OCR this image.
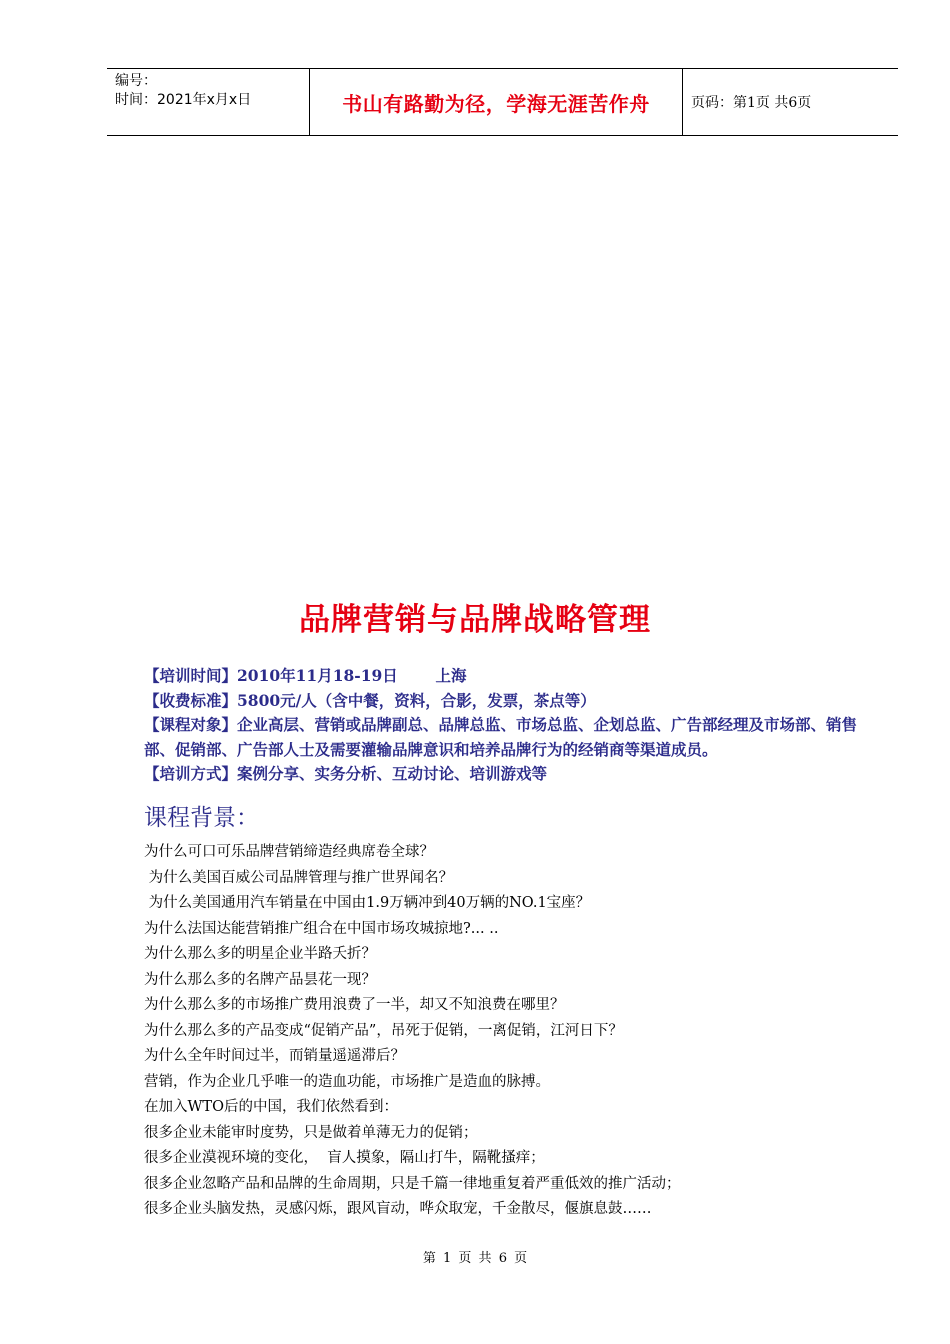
编号：
时间：2021年x月x日	书山有路勤为径，学海无涯苦作舟	页码：第1页 共6页
品牌营销与品牌战略管理
【培训时间】2010年11月18-19日       上海
【收费标准】5800元/人（含中餐，资料，合影，发票，茶点等）
【课程对象】企业高层、营销或品牌副总、品牌总监、市场总监、企划总监、广告部经理及市场部、销售部、促销部、广告部人士及需要灌输品牌意识和培养品牌行为的经销商等渠道成员。
【培训方式】案例分享、实务分析、互动讨论、培训游戏等
课程背景：
为什么可口可乐品牌营销缔造经典席卷全球？
为什么美国百威公司品牌管理与推广世界闻名？
为什么美国通用汽车销量在中国由1.9万辆冲到40万辆的NO.1宝座？
为什么法国达能营销推广组合在中国市场攻城掠地?... ..
为什么那么多的明星企业半路夭折？
为什么那么多的名牌产品昙花一现？
为什么那么多的市场推广费用浪费了一半，却又不知浪费在哪里？
为什么那么多的产品变成“促销产品”，吊死于促销，一离促销，江河日下？
为什么全年时间过半，而销量遥遥滞后？
营销，作为企业几乎唯一的造血功能，市场推广是造血的脉搏。
在加入WTO后的中国，我们依然看到：
很多企业未能审时度势，只是做着单薄无力的促销；
很多企业漠视环境的变化，  盲人摸象，隔山打牛，隔靴搔痒；
很多企业忽略产品和品牌的生命周期，只是千篇一律地重复着严重低效的推广活动；
很多企业头脑发热，灵感闪烁，跟风盲动，哗众取宠，千金散尽，偃旗息鼓……
第 1 页 共 6 页
